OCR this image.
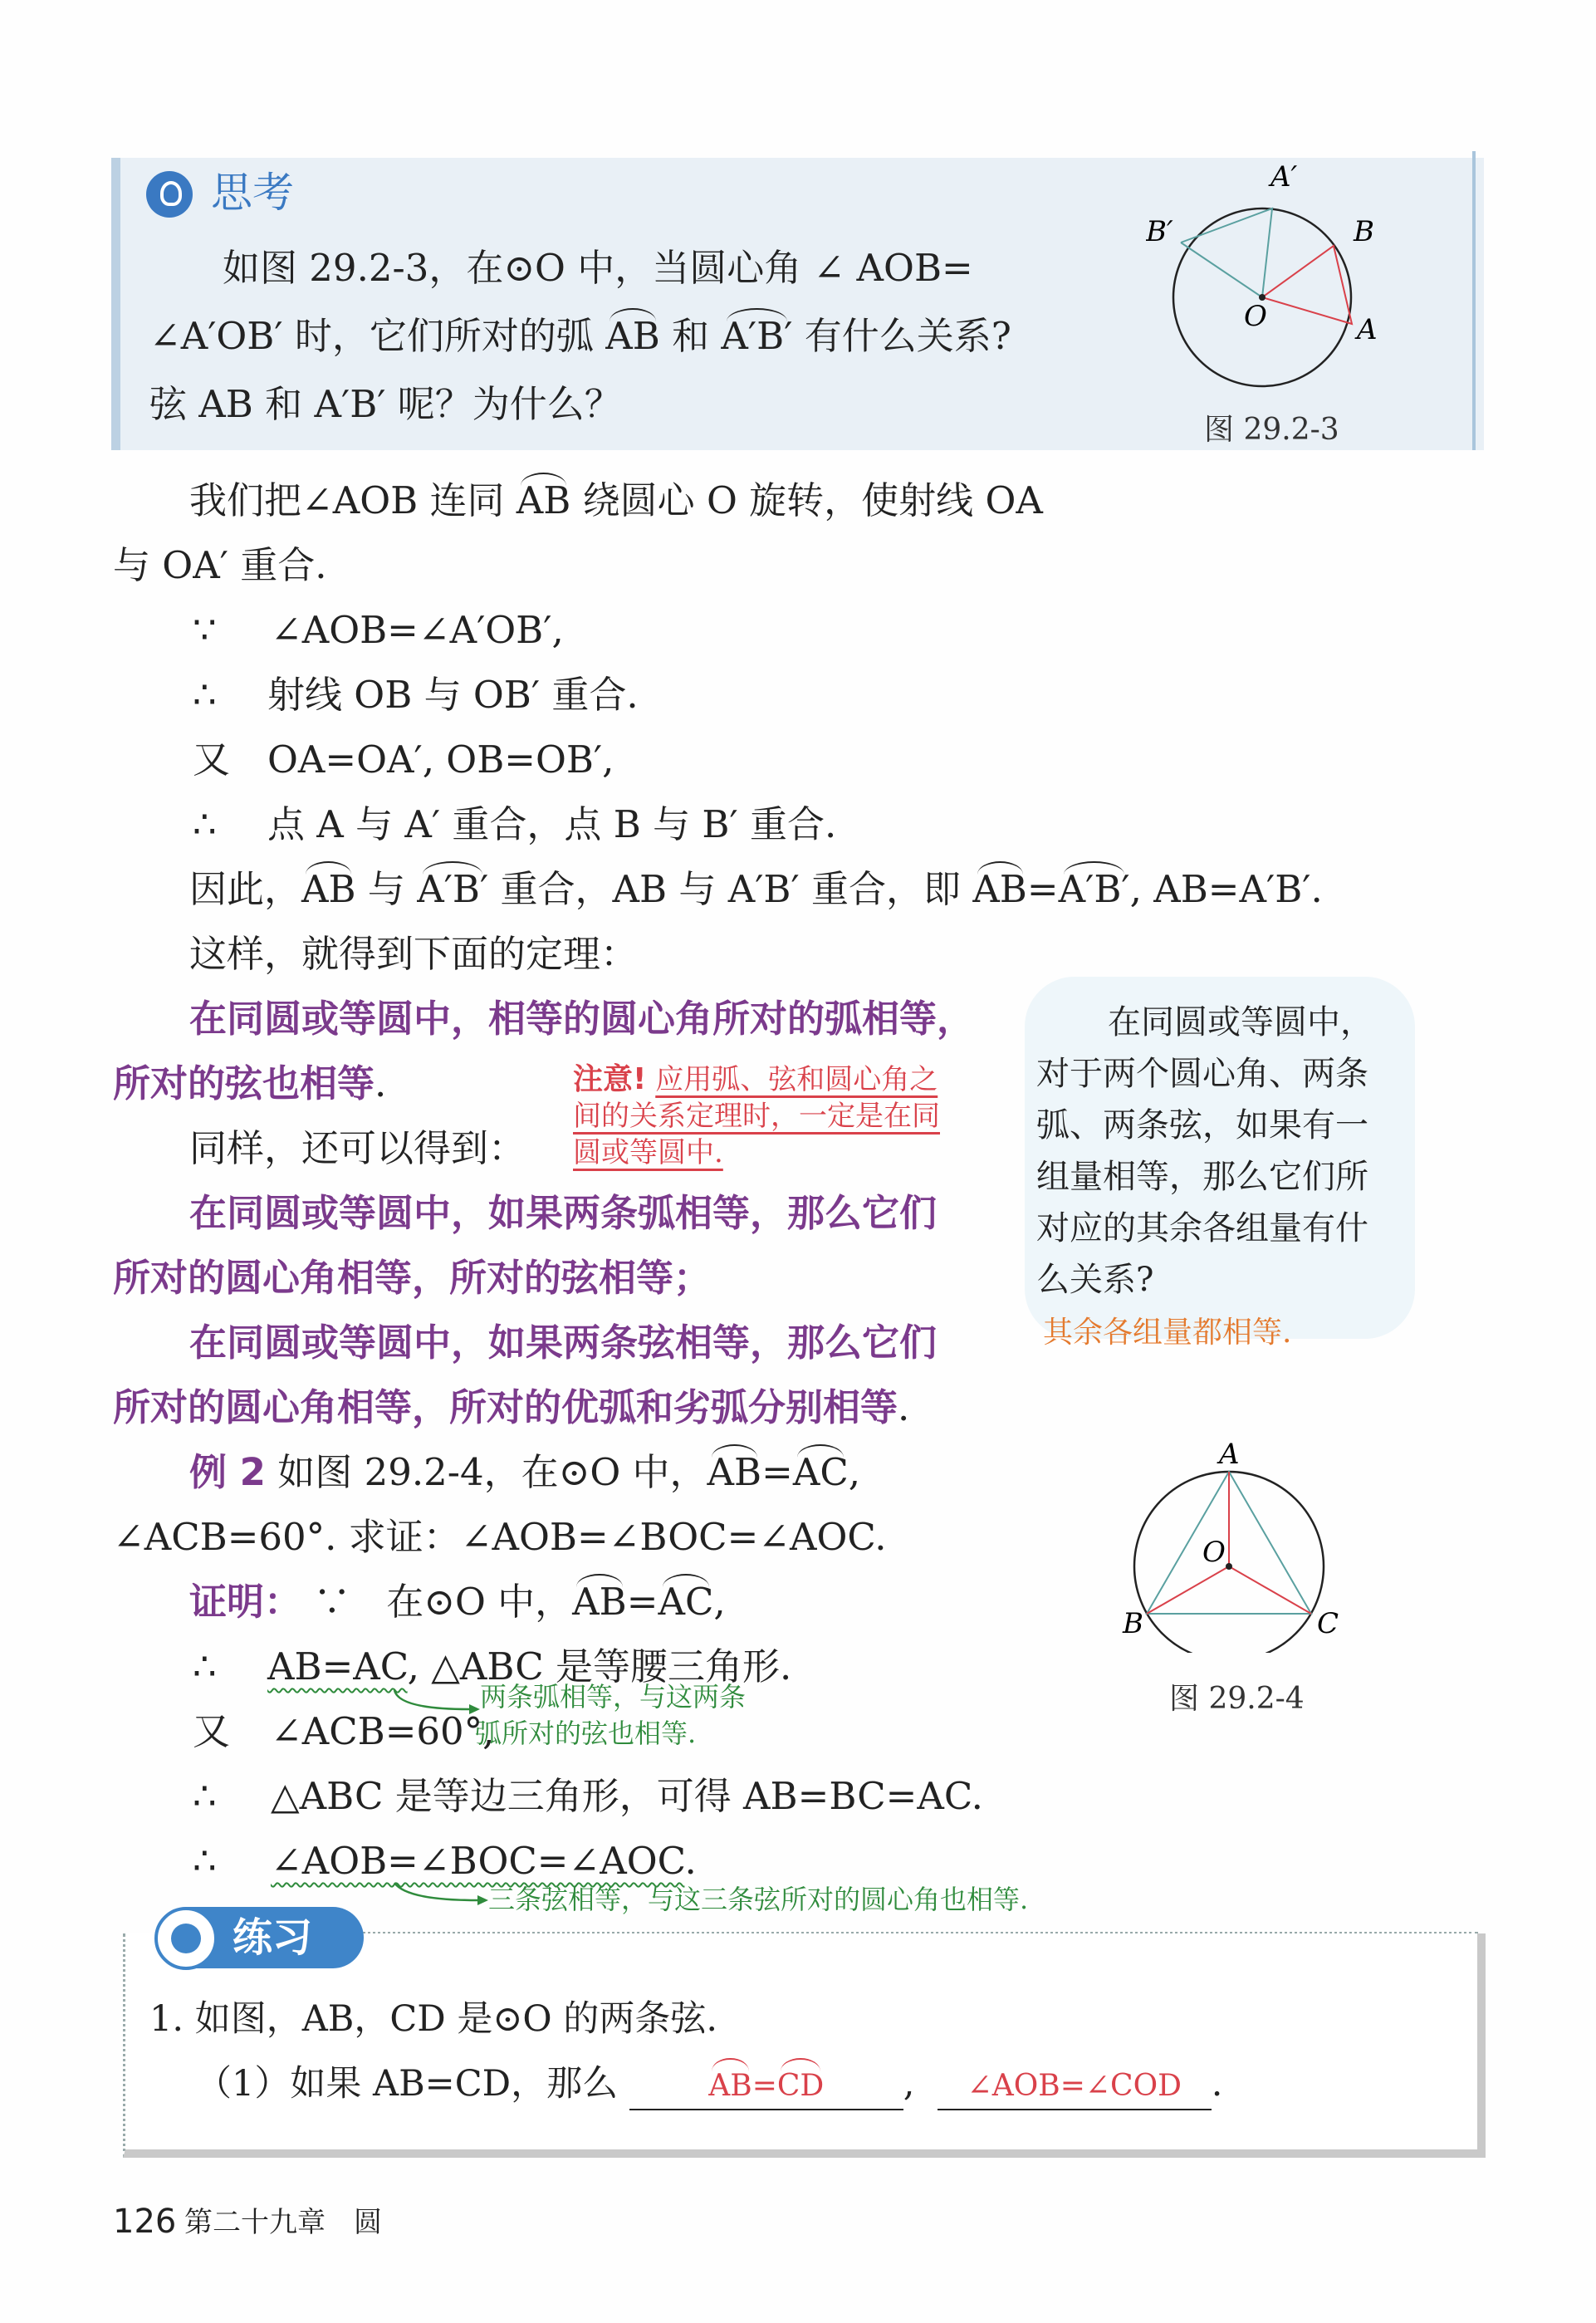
思考
如图 29.2-3，在⊙O 中，当圆心角 ∠ AOB=
∠A′OB′ 时，它们所对的弧 AB 和 A′B′ 有什么关系?
弦 AB 和 A′B′ 呢？为什么？
A′
B′	B
O	A
图 29.2-3
我们把∠AOB 连同 AB 绕圆心 O 旋转，使射线 OA
与 OA′ 重合.
∵ ∠AOB=∠A′OB′,
∴ 射线 OB 与 OB′ 重合.
又 OA=OA′, OB=OB′,
∴ 点 A 与 A′ 重合，点 B 与 B′ 重合.
因此，AB 与 A′B′ 重合，AB 与 A′B′ 重合，即 AB=A′B′, AB=A′B′.
这样，就得到下面的定理：
在同圆或等圆中，相等的圆心角所对的弧相等，
所对的弦也相等.	注意! 应用弧、弦和圆心角之
间的关系定理时，一定是在同
圆或等圆中.
同样，还可以得到：
在同圆或等圆中，如果两条弧相等，那么它们
所对的圆心角相等，所对的弦相等；
在同圆或等圆中，如果两条弦相等，那么它们
所对的圆心角相等，所对的优弧和劣弧分别相等.
在同圆或等圆中，
对于两个圆心角、两条
弧、两条弦，如果有一
组量相等，那么它们所
对应的其余各组量有什
么关系?
其余各组量都相等.
例 2 如图 29.2-4，在⊙O 中，AB=AC,
∠ACB=60°. 求证：∠AOB=∠BOC=∠AOC.
证明： ∵ 在⊙O 中，AB=AC,
∴ AB=AC, △ABC 是等腰三角形.
两条弧相等，与这两条
弧所对的弦也相等.
又 ∠ACB=60°,
∴ △ABC 是等边三角形，可得 AB=BC=AC.
∴ ∠AOB=∠BOC=∠AOC.
三条弦相等，与这三条弦所对的圆心角也相等.
A
O
B	C
图 29.2-4
练习
1. 如图，AB，CD 是⊙O 的两条弦.
（1）如果 AB=CD，那么	AB=CD , ∠AOB=∠COD .
126 第二十九章　圆
